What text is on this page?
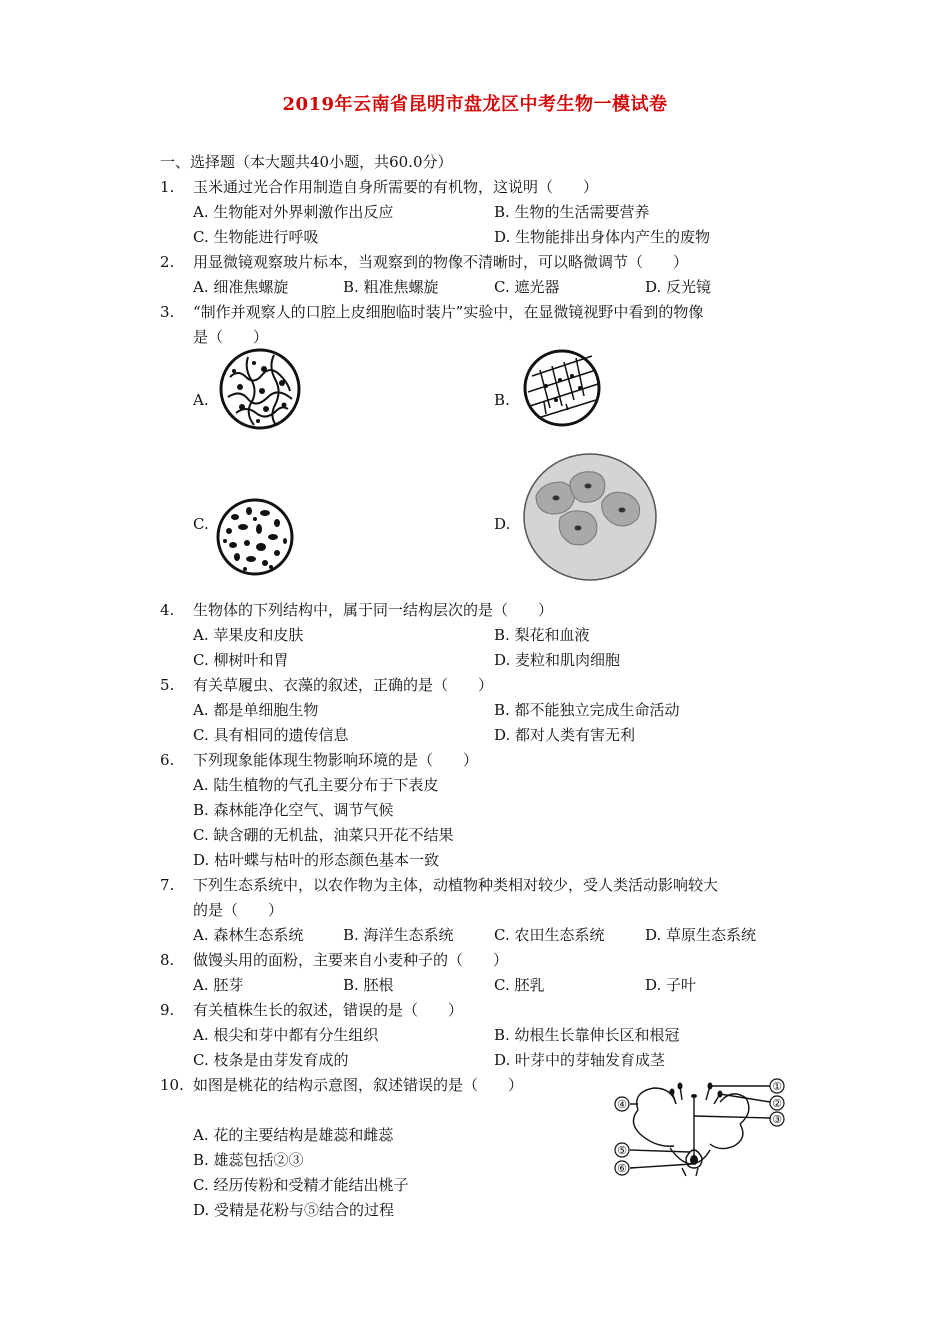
2019年云南省昆明市盘龙区中考生物一模试卷
一、选择题（本大题共40小题，共60.0分）
1. 玉米通过光合作用制造自身所需要的有机物，这说明（　　）
A. 生物能对外界刺激作出反应	B. 生物的生活需要营养
C. 生物能进行呼吸	D. 生物能排出身体内产生的废物
2. 用显微镜观察玻片标本，当观察到的物像不清晰时，可以略微调节（　　）
A. 细准焦螺旋	B. 粗准焦螺旋	C. 遮光器	D. 反光镜
3. “制作并观察人的口腔上皮细胞临时装片”实验中，在显微镜视野中看到的物像
是（　　）
A.	B.
C.	D.
4. 生物体的下列结构中，属于同一结构层次的是（　　）
A. 苹果皮和皮肤	B. 梨花和血液
C. 柳树叶和胃	D. 麦粒和肌肉细胞
5. 有关草履虫、衣藻的叙述，正确的是（　　）
A. 都是单细胞生物	B. 都不能独立完成生命活动
C. 具有相同的遗传信息	D. 都对人类有害无利
6. 下列现象能体现生物影响环境的是（　　）
A. 陆生植物的气孔主要分布于下表皮
B. 森林能净化空气、调节气候
C. 缺含硼的无机盐，油菜只开花不结果
D. 枯叶蝶与枯叶的形态颜色基本一致
7. 下列生态系统中，以农作物为主体，动植物种类相对较少，受人类活动影响较大
的是（　　）
A. 森林生态系统	B. 海洋生态系统	C. 农田生态系统	D. 草原生态系统
8. 做馒头用的面粉，主要来自小麦种子的（　　）
A. 胚芽	B. 胚根	C. 胚乳	D. 子叶
9. 有关植株生长的叙述，错误的是（　　）
A. 根尖和芽中都有分生组织	B. 幼根生长靠伸长区和根冠
C. 枝条是由芽发育成的	D. 叶芽中的芽轴发育成茎
10. 如图是桃花的结构示意图，叙述错误的是（　　）
A. 花的主要结构是雄蕊和雌蕊
B. 雄蕊包括②③
C. 经历传粉和受精才能结出桃子
D. 受精是花粉与⑤结合的过程
①
②
③
④
⑤
⑥
